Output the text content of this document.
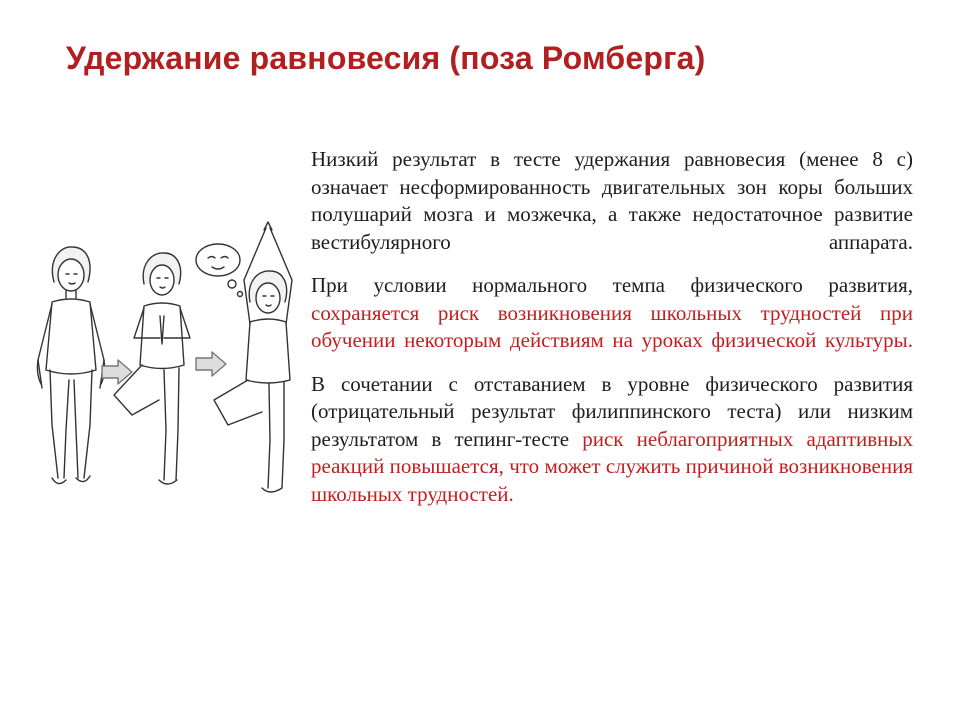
Удержание равновесия (поза Ромберга)

Низкий результат в тесте удержания равновесия (менее 8 с) означает несформированность двигательных зон коры больших полушарий мозга и мозжечка, а также недостаточное развитие вестибулярного аппарата.

При условии нормального темпа физического развития, сохраняется риск возникновения школьных трудностей при обучении некоторым действиям на уроках физической культуры.

В сочетании с отставанием в уровне физического развития (отрицательный результат филиппинского теста) или низким результатом в тепинг-тесте риск неблагоприятных адаптивных реакций повышается, что может служить причиной возникновения школьных трудностей.
